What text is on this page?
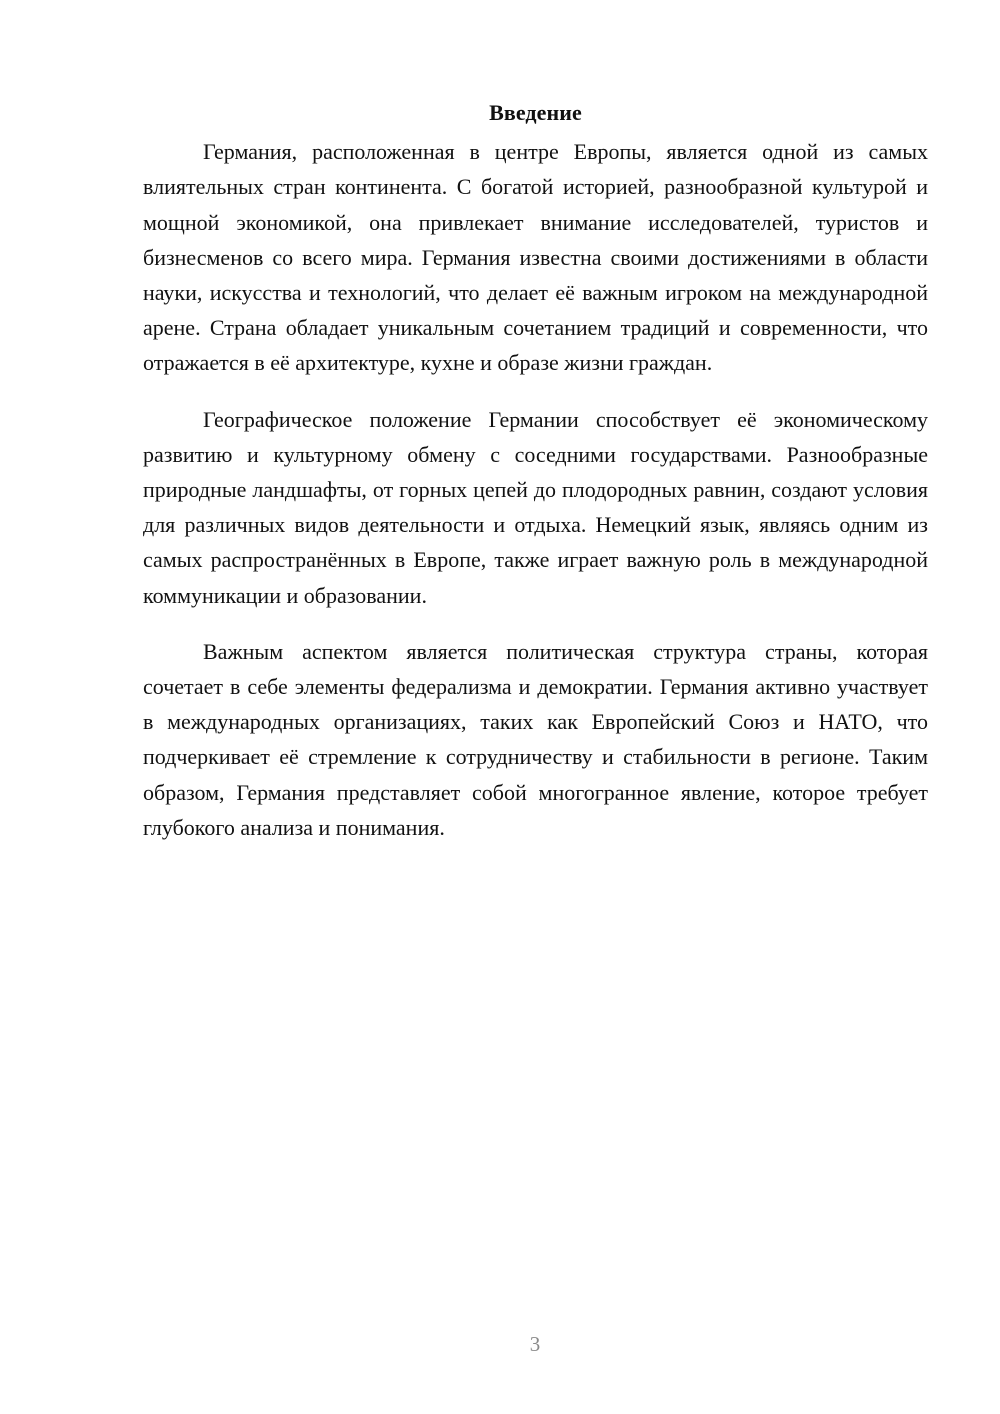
Введение

Германия, расположенная в центре Европы, является одной из самых влиятельных стран континента. С богатой историей, разнообразной культурой и мощной экономикой, она привлекает внимание исследователей, туристов и бизнесменов со всего мира. Германия известна своими достижениями в области науки, искусства и технологий, что делает её важным игроком на международной арене. Страна обладает уникальным сочетанием традиций и современности, что отражается в её архитектуре, кухне и образе жизни граждан.

Географическое положение Германии способствует её экономическому развитию и культурному обмену с соседними государствами. Разнообразные природные ландшафты, от горных цепей до плодородных равнин, создают условия для различных видов деятельности и отдыха. Немецкий язык, являясь одним из самых распространённых в Европе, также играет важную роль в международной коммуникации и образовании.

Важным аспектом является политическая структура страны, которая сочетает в себе элементы федерализма и демократии. Германия активно участвует в международных организациях, таких как Европейский Союз и НАТО, что подчеркивает её стремление к сотрудничеству и стабильности в регионе. Таким образом, Германия представляет собой многогранное явление, которое требует глубокого анализа и понимания.

3
